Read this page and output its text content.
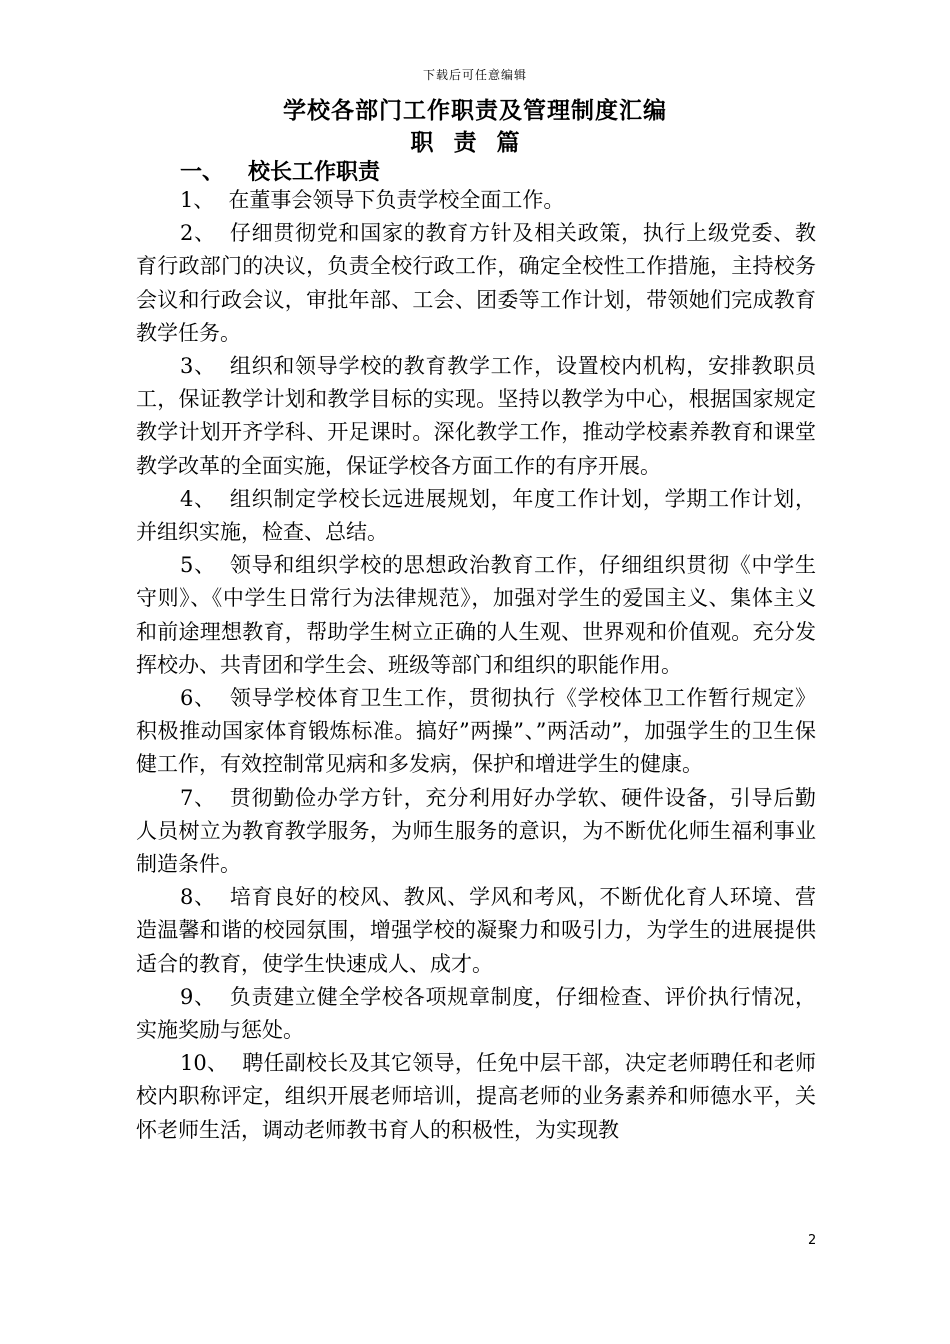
下载后可任意编辑
学校各部门工作职责及管理制度汇编
职责篇
一、 校长工作职责

1、 在董事会领导下负责学校全面工作。

2、 仔细贯彻党和国家的教育方针及相关政策，执行上级党委、教育行政部门的决议，负责全校行政工作，确定全校性工作措施，主持校务会议和行政会议，审批年部、工会、团委等工作计划，带领她们完成教育教学任务。

3、 组织和领导学校的教育教学工作，设置校内机构，安排教职员工，保证教学计划和教学目标的实现。坚持以教学为中心，根据国家规定教学计划开齐学科、开足课时。深化教学工作，推动学校素养教育和课堂教学改革的全面实施，保证学校各方面工作的有序开展。

4、 组织制定学校长远进展规划，年度工作计划，学期工作计划，并组织实施，检查、总结。

5、 领导和组织学校的思想政治教育工作，仔细组织贯彻《中学生守则》、《中学生日常行为法律规范》，加强对学生的爱国主义、集体主义和前途理想教育，帮助学生树立正确的人生观、世界观和价值观。充分发挥校办、共青团和学生会、班级等部门和组织的职能作用。

6、 领导学校体育卫生工作，贯彻执行《学校体卫工作暂行规定》积极推动国家体育锻炼标准。搞好”两操”、”两活动”，加强学生的卫生保健工作，有效控制常见病和多发病，保护和增进学生的健康。

7、 贯彻勤俭办学方针，充分利用好办学软、硬件设备，引导后勤人员树立为教育教学服务，为师生服务的意识，为不断优化师生福利事业制造条件。

8、 培育良好的校风、教风、学风和考风，不断优化育人环境、营造温馨和谐的校园氛围，增强学校的凝聚力和吸引力，为学生的进展提供适合的教育，使学生快速成人、成才。

9、 负责建立健全学校各项规章制度，仔细检查、评价执行情况，实施奖励与惩处。

10、 聘任副校长及其它领导，任免中层干部，决定老师聘任和老师校内职称评定，组织开展老师培训，提高老师的业务素养和师德水平，关怀老师生活，调动老师教书育人的积极性，为实现教

2
